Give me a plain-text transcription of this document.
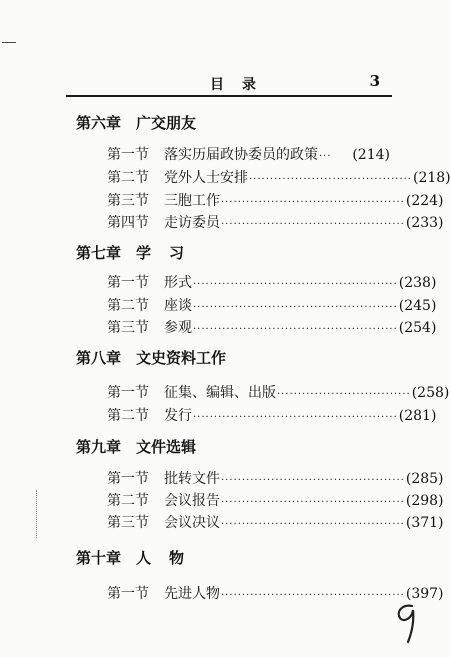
目录	3
第六章 广交朋友
第一节	落实历届政协委员的政策 ···	(214)
第二节	党外人士安排 ······································· (218)
第三节	三胞工作 ············································ (224)
第四节	走访委员 ············································ (233)
第七章 学习
第一节	形式 ················································· (238)
第二节	座谈 ················································· (245)
第三节	参观 ················································· (254)
第八章 文史资料工作
第一节	征集、编辑、出版 ································ (258)
第二节	发行 ················································· (281)
第九章 文件选辑
第一节	批转文件 ············································ (285)
第二节	会议报告 ············································ (298)
第三节	会议决议 ············································ (371)
第十章 人物
第一节	先进人物 ············································ (397)
